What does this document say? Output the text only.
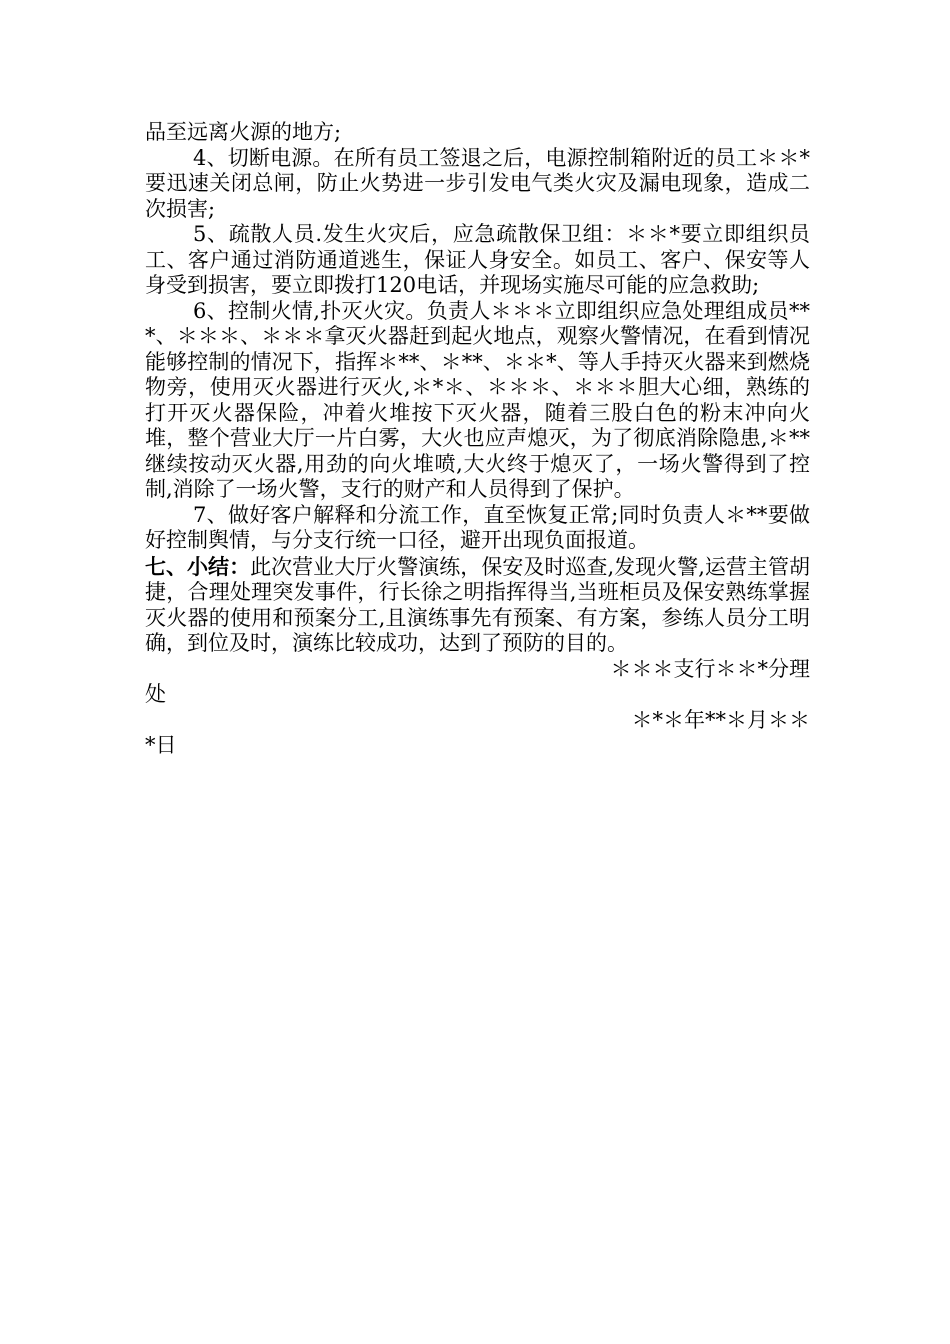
品至远离火源的地方;

4、切断电源。在所有员工签退之后，电源控制箱附近的员工＊＊*要迅速关闭总闸，防止火势进一步引发电气类火灾及漏电现象，造成二次损害;

5、疏散人员.发生火灾后，应急疏散保卫组：＊＊*要立即组织员工、客户通过消防通道逃生，保证人身安全。如员工、客户、保安等人身受到损害，要立即拨打120电话，并现场实施尽可能的应急救助;

6、控制火情,扑灭火灾。负责人＊＊＊立即组织应急处理组成员***、＊＊＊、＊＊＊拿灭火器赶到起火地点，观察火警情况，在看到情况能够控制的情况下，指挥＊**、＊**、＊＊*、等人手持灭火器来到燃烧物旁，使用灭火器进行灭火,＊*＊、＊＊＊、＊＊＊胆大心细，熟练的打开灭火器保险，冲着火堆按下灭火器，随着三股白色的粉末冲向火堆，整个营业大厅一片白雾，大火也应声熄灭，为了彻底消除隐患,＊**继续按动灭火器,用劲的向火堆喷,大火终于熄灭了，一场火警得到了控制,消除了一场火警，支行的财产和人员得到了保护。

7、做好客户解释和分流工作，直至恢复正常;同时负责人＊**要做好控制舆情，与分支行统一口径，避开出现负面报道。

七、小结：此次营业大厅火警演练，保安及时巡查,发现火警,运营主管胡捷，合理处理突发事件，行长徐之明指挥得当,当班柜员及保安熟练掌握灭火器的使用和预案分工,且演练事先有预案、有方案，参练人员分工明确，到位及时，演练比较成功，达到了预防的目的。

＊＊＊支行＊＊*分理
处

＊*＊年**＊月＊＊
*日
